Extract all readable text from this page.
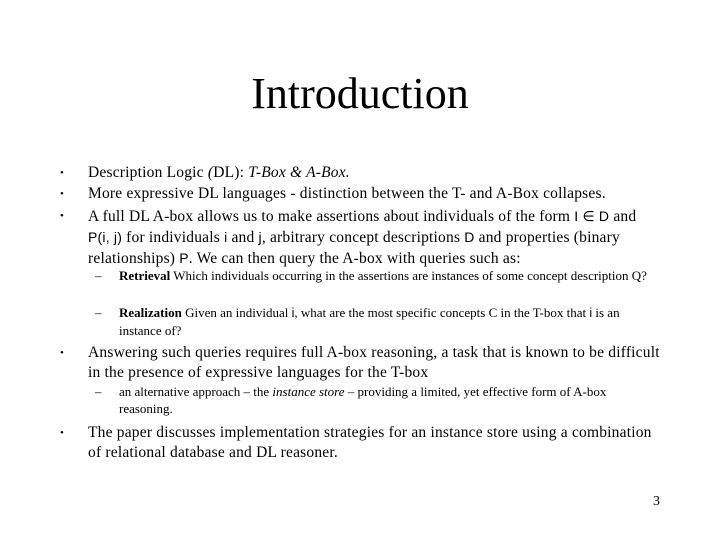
Introduction
• Description Logic (DL): T-Box & A-Box.
• More expressive DL languages - distinction between the T- and A-Box collapses.
• A full DL A-box allows us to make assertions about individuals of the form I ∈ D and
P(i, j) for individuals i and j, arbitrary concept descriptions D and properties (binary relationships) P. We can then query the A-box with queries such as:
– Retrieval Which individuals occurring in the assertions are instances of some concept description Q?
– Realization Given an individual i, what are the most specific concepts C in the T-box that i is an instance of?
• Answering such queries requires full A-box reasoning, a task that is known to be difficult in the presence of expressive languages for the T-box
– an alternative approach – the instance store – providing a limited, yet effective form of A-box reasoning.
• The paper discusses implementation strategies for an instance store using a combination of relational database and DL reasoner.
3
